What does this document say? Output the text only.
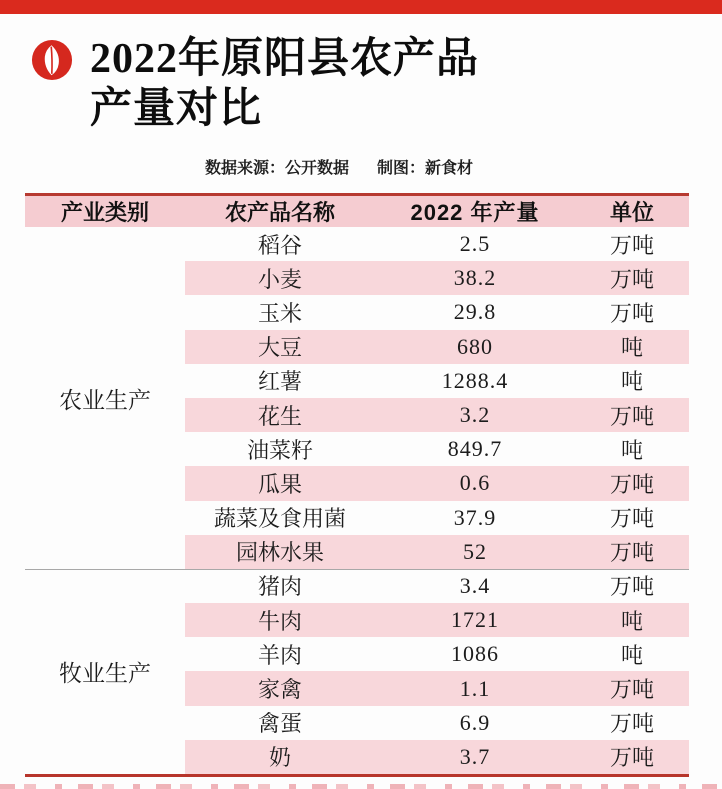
2022年原阳县农产品
产量对比
数据来源：公开数据 制图：新食材
产业类别	农产品名称	2022 年产量	单位
农业生产
稻谷	2.5	万吨
小麦	38.2	万吨
玉米	29.8	万吨
大豆	680	吨
红薯	1288.4	吨
花生	3.2	万吨
油菜籽	849.7	吨
瓜果	0.6	万吨
蔬菜及食用菌	37.9	万吨
园林水果	52	万吨
牧业生产
猪肉	3.4	万吨
牛肉	1721	吨
羊肉	1086	吨
家禽	1.1	万吨
禽蛋	6.9	万吨
奶	3.7	万吨
